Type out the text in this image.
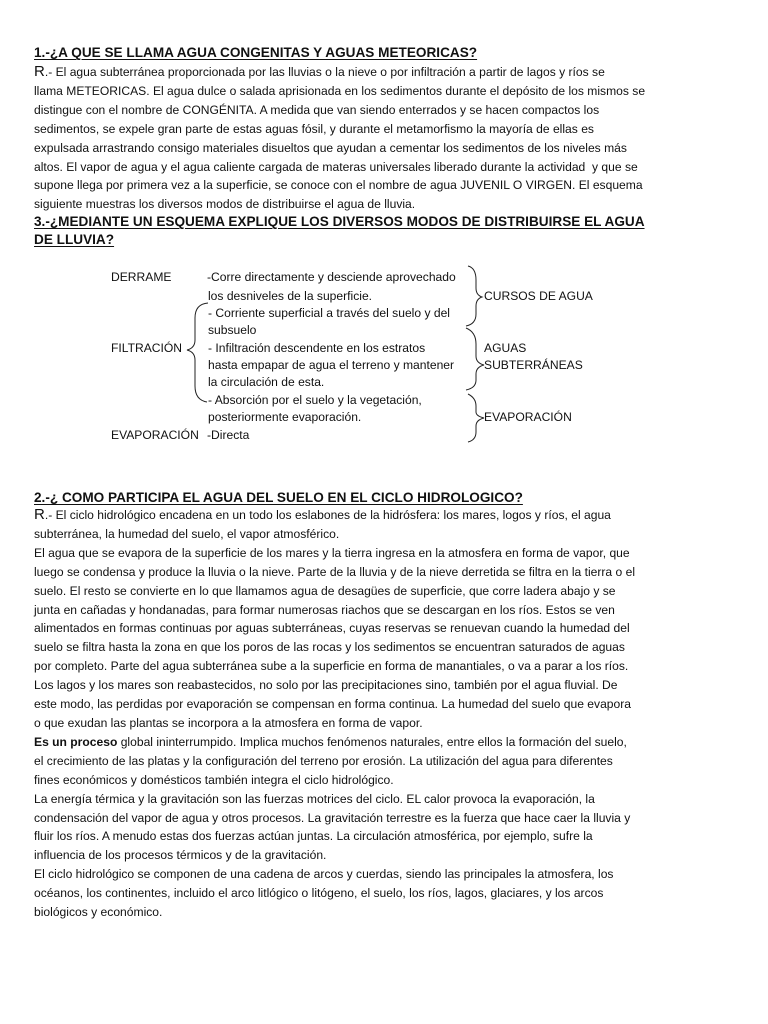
1.-¿A QUE SE LLAMA AGUA CONGENITAS Y AGUAS METEORICAS?

R.- El agua subterránea proporcionada por las lluvias o la nieve o por infiltración a partir de lagos y ríos se
llama METEORICAS. El agua dulce o salada aprisionada en los sedimentos durante el depósito de los mismos se
distingue con el nombre de CONGÉNITA. A medida que van siendo enterrados y se hacen compactos los
sedimentos, se expele gran parte de estas aguas fósil, y durante el metamorfismo la mayoría de ellas es
expulsada arrastrando consigo materiales disueltos que ayudan a cementar los sedimentos de los niveles más
altos. El vapor de agua y el agua caliente cargada de materas universales liberado durante la actividad  y que se
supone llega por primera vez a la superficie, se conoce con el nombre de agua JUVENIL O VIRGEN. El esquema
siguiente muestras los diversos modos de distribuirse el agua de lluvia.

3.-¿MEDIANTE UN ESQUEMA EXPLIQUE LOS DIVERSOS MODOS DE DISTRIBUIRSE EL AGUA
DE LLUVIA?

DERRAME

FILTRACIÓN

EVAPORACIÓN

-Corre directamente y desciende aprovechado

los desniveles de la superficie.

- Corriente superficial a través del suelo y del

subsuelo

- Infiltración descendente en los estratos

hasta empapar de agua el terreno y mantener

la circulación de esta.

- Absorción por el suelo y la vegetación,

posteriormente evaporación.

-Directa

CURSOS DE AGUA

AGUAS

SUBTERRÁNEAS

EVAPORACIÓN

2.-¿ COMO PARTICIPA EL AGUA DEL SUELO EN EL CICLO HIDROLOGICO?

R.- El ciclo hidrológico encadena en un todo los eslabones de la hidrósfera: los mares, logos y ríos, el agua
subterránea, la humedad del suelo, el vapor atmosférico.
El agua que se evapora de la superficie de los mares y la tierra ingresa en la atmosfera en forma de vapor, que
luego se condensa y produce la lluvia o la nieve. Parte de la lluvia y de la nieve derretida se filtra en la tierra o el
suelo. El resto se convierte en lo que llamamos agua de desagües de superficie, que corre ladera abajo y se
junta en cañadas y hondanadas, para formar numerosas riachos que se descargan en los ríos. Estos se ven
alimentados en formas continuas por aguas subterráneas, cuyas reservas se renuevan cuando la humedad del
suelo se filtra hasta la zona en que los poros de las rocas y los sedimentos se encuentran saturados de aguas
por completo. Parte del agua subterránea sube a la superficie en forma de manantiales, o va a parar a los ríos.
Los lagos y los mares son reabastecidos, no solo por las precipitaciones sino, también por el agua fluvial. De
este modo, las perdidas por evaporación se compensan en forma continua. La humedad del suelo que evapora
o que exudan las plantas se incorpora a la atmosfera en forma de vapor.
Es un proceso global ininterrumpido. Implica muchos fenómenos naturales, entre ellos la formación del suelo,
el crecimiento de las platas y la configuración del terreno por erosión. La utilización del agua para diferentes
fines económicos y domésticos también integra el ciclo hidrológico.
La energía térmica y la gravitación son las fuerzas motrices del ciclo. EL calor provoca la evaporación, la
condensación del vapor de agua y otros procesos. La gravitación terrestre es la fuerza que hace caer la lluvia y
fluir los ríos. A menudo estas dos fuerzas actúan juntas. La circulación atmosférica, por ejemplo, sufre la
influencia de los procesos térmicos y de la gravitación.
El ciclo hidrológico se componen de una cadena de arcos y cuerdas, siendo las principales la atmosfera, los
océanos, los continentes, incluido el arco litlógico o litógeno, el suelo, los ríos, lagos, glaciares, y los arcos
biológicos y económico.
